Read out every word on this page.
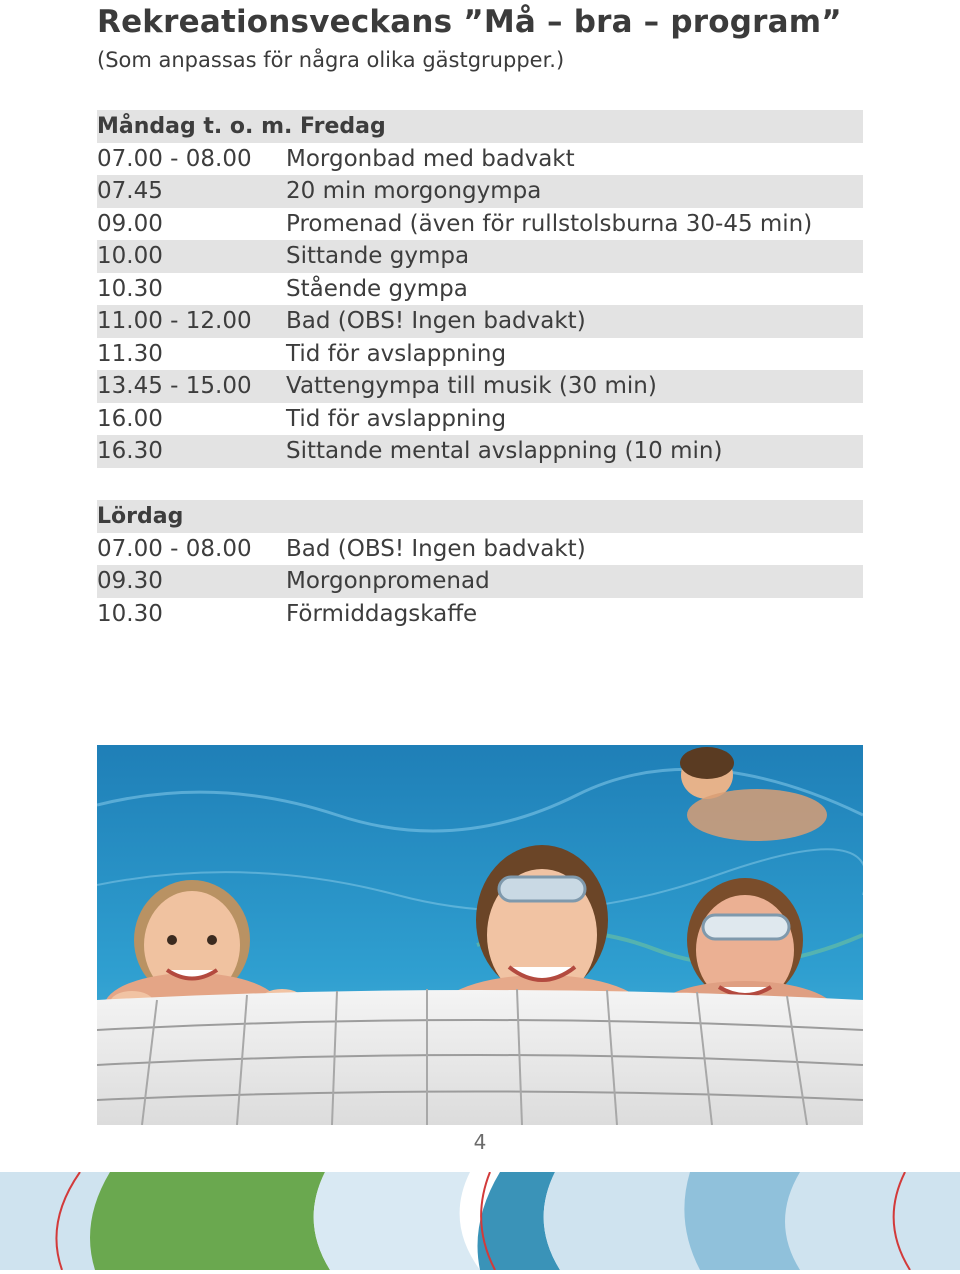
Rekreationsveckans ”Må – bra – program”
(Som anpassas för några olika gästgrupper.)
Måndag t. o. m. Fredag
07.00 - 08.00	Morgonbad med badvakt
07.45	20 min morgongympa
09.00	Promenad (även för rullstolsburna 30-45 min)
10.00	Sittande gympa
10.30	Stående gympa
11.00 - 12.00	Bad (OBS! Ingen badvakt)
11.30	Tid för avslappning
13.45 - 15.00	Vattengympa till musik (30 min)
16.00	Tid för avslappning
16.30	Sittande mental avslappning (10 min)
Lördag
07.00 - 08.00	Bad (OBS! Ingen badvakt)
09.30	Morgonpromenad
10.30	Förmiddagskaffe
4
